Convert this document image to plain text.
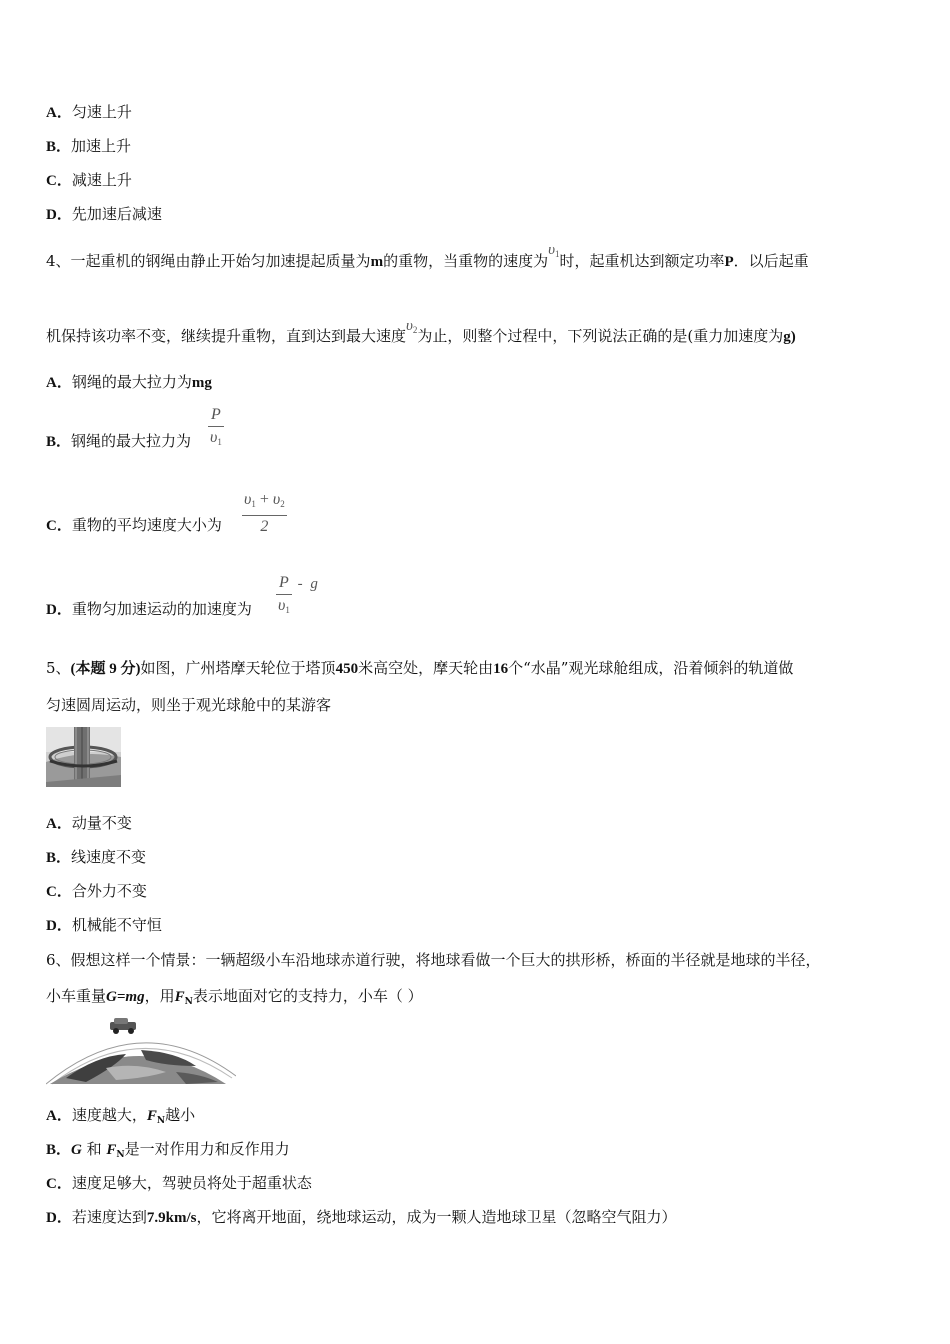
A．匀速上升
B．加速上升
C．减速上升
D．先加速后减速
4、一起重机的钢绳由静止开始匀加速提起质量为m的重物，当重物的速度为$\upsilon_1$时，起重机达到额定功率P．以后起重
机保持该功率不变，继续提升重物，直到达到最大速度$\upsilon_2$为止，则整个过程中，下列说法正确的是(重力加速度为g)
A．钢绳的最大拉力为mg
B．钢绳的最大拉力为 $\frac{P}{\upsilon_1}$
C．重物的平均速度大小为 $\frac{\upsilon_1 + \upsilon_2}{2}$
D．重物匀加速运动的加速度为 $\frac{P}{\upsilon_1}$ - g
5、(本题 9 分)如图，广州塔摩天轮位于塔顶450米高空处，摩天轮由16个“水晶”观光球舱组成，沿着倾斜的轨道做
匀速圆周运动，则坐于观光球舱中的某游客
A．动量不变
B．线速度不变
C．合外力不变
D．机械能不守恒
6、假想这样一个情景：一辆超级小车沿地球赤道行驶，将地球看做一个巨大的拱形桥，桥面的半径就是地球的半径，
小车重量G=mg，用$F_N$表示地面对它的支持力，小车（ ）
A．速度越大，$F_N$越小
B．G 和 $F_N$是一对作用力和反作用力
C．速度足够大，驾驶员将处于超重状态
D．若速度达到7.9km/s，它将离开地面，绕地球运动，成为一颗人造地球卫星（忽略空气阻力）
